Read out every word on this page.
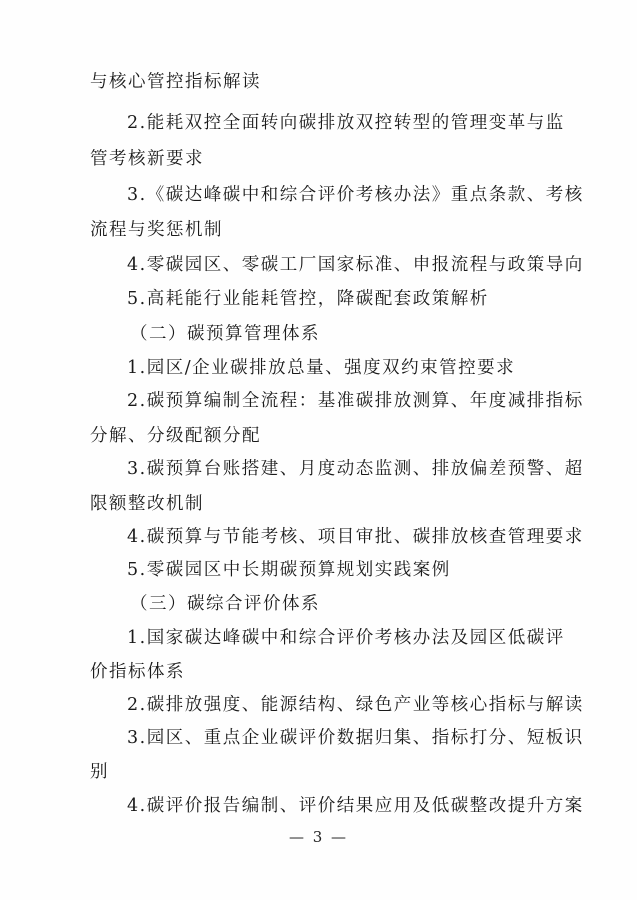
与核心管控指标解读

2.能耗双控全面转向碳排放双控转型的管理变革与监

管考核新要求

3.《碳达峰碳中和综合评价考核办法》重点条款、考核

流程与奖惩机制

4.零碳园区、零碳工厂国家标准、申报流程与政策导向

5.高耗能行业能耗管控，降碳配套政策解析

（二）碳预算管理体系

1.园区/企业碳排放总量、强度双约束管控要求

2.碳预算编制全流程：基准碳排放测算、年度减排指标

分解、分级配额分配

3.碳预算台账搭建、月度动态监测、排放偏差预警、超

限额整改机制

4.碳预算与节能考核、项目审批、碳排放核查管理要求

5.零碳园区中长期碳预算规划实践案例

（三）碳综合评价体系

1.国家碳达峰碳中和综合评价考核办法及园区低碳评

价指标体系

2.碳排放强度、能源结构、绿色产业等核心指标与解读

3.园区、重点企业碳评价数据归集、指标打分、短板识

别

4.碳评价报告编制、评价结果应用及低碳整改提升方案

— 3 —
